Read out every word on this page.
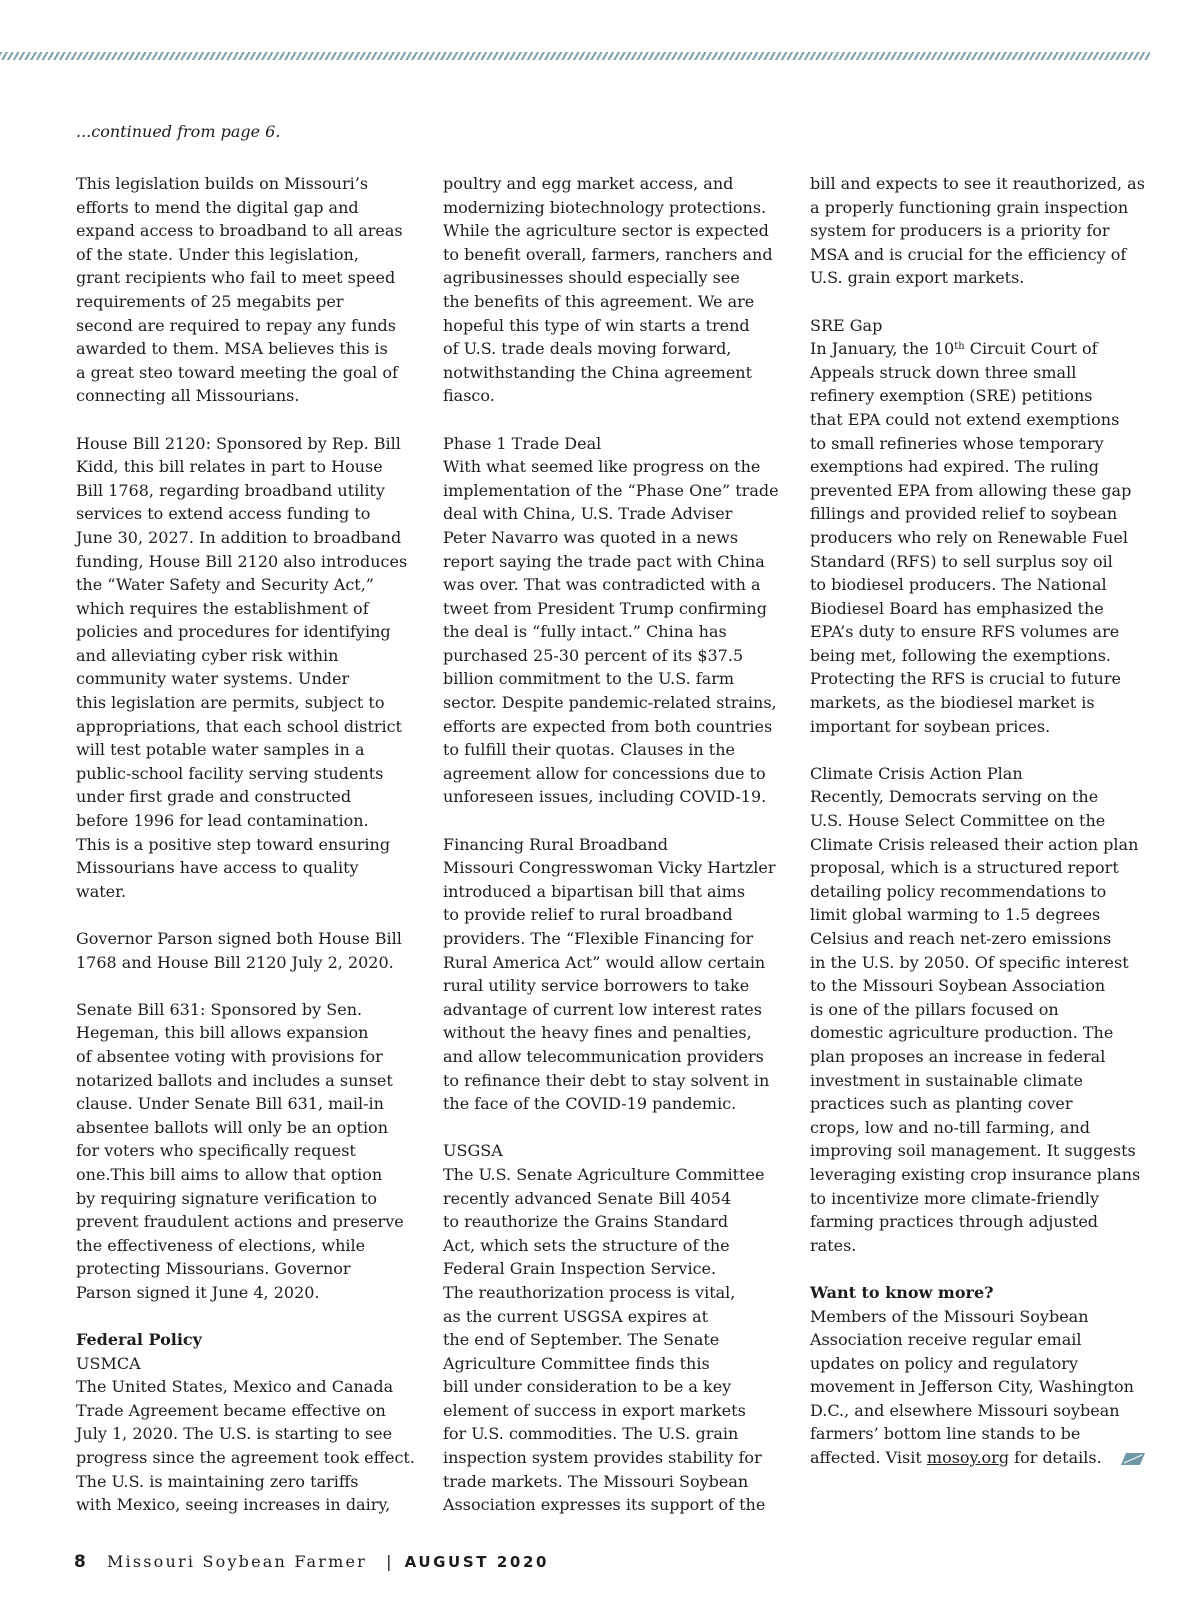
...continued from page 6.

This legislation builds on Missouri’s
efforts to mend the digital gap and
expand access to broadband to all areas
of the state. Under this legislation,
grant recipients who fail to meet speed
requirements of 25 megabits per
second are required to repay any funds
awarded to them. MSA believes this is
a great steo toward meeting the goal of
connecting all Missourians.

House Bill 2120: Sponsored by Rep. Bill
Kidd, this bill relates in part to House
Bill 1768, regarding broadband utility
services to extend access funding to
June 30, 2027. In addition to broadband
funding, House Bill 2120 also introduces
the “Water Safety and Security Act,”
which requires the establishment of
policies and procedures for identifying
and alleviating cyber risk within
community water systems. Under
this legislation are permits, subject to
appropriations, that each school district
will test potable water samples in a
public-school facility serving students
under first grade and constructed
before 1996 for lead contamination.
This is a positive step toward ensuring
Missourians have access to quality
water.

Governor Parson signed both House Bill
1768 and House Bill 2120 July 2, 2020.

Senate Bill 631: Sponsored by Sen.
Hegeman, this bill allows expansion
of absentee voting with provisions for
notarized ballots and includes a sunset
clause. Under Senate Bill 631, mail-in
absentee ballots will only be an option
for voters who specifically request
one.This bill aims to allow that option
by requiring signature verification to
prevent fraudulent actions and preserve
the effectiveness of elections, while
protecting Missourians. Governor
Parson signed it June 4, 2020.

Federal Policy
USMCA
The United States, Mexico and Canada
Trade Agreement became effective on
July 1, 2020. The U.S. is starting to see
progress since the agreement took effect.
The U.S. is maintaining zero tariffs
with Mexico, seeing increases in dairy,

poultry and egg market access, and
modernizing biotechnology protections.
While the agriculture sector is expected
to benefit overall, farmers, ranchers and
agribusinesses should especially see
the benefits of this agreement. We are
hopeful this type of win starts a trend
of U.S. trade deals moving forward,
notwithstanding the China agreement
fiasco.

Phase 1 Trade Deal
With what seemed like progress on the
implementation of the “Phase One” trade
deal with China, U.S. Trade Adviser
Peter Navarro was quoted in a news
report saying the trade pact with China
was over. That was contradicted with a
tweet from President Trump confirming
the deal is “fully intact.” China has
purchased 25-30 percent of its $37.5
billion commitment to the U.S. farm
sector. Despite pandemic-related strains,
efforts are expected from both countries
to fulfill their quotas. Clauses in the
agreement allow for concessions due to
unforeseen issues, including COVID-19.

Financing Rural Broadband
Missouri Congresswoman Vicky Hartzler
introduced a bipartisan bill that aims
to provide relief to rural broadband
providers. The “Flexible Financing for
Rural America Act” would allow certain
rural utility service borrowers to take
advantage of current low interest rates
without the heavy fines and penalties,
and allow telecommunication providers
to refinance their debt to stay solvent in
the face of the COVID-19 pandemic.

USGSA
The U.S. Senate Agriculture Committee
recently advanced Senate Bill 4054
to reauthorize the Grains Standard
Act, which sets the structure of the
Federal Grain Inspection Service.
The reauthorization process is vital,
as the current USGSA expires at
the end of September. The Senate
Agriculture Committee finds this
bill under consideration to be a key
element of success in export markets
for U.S. commodities. The U.S. grain
inspection system provides stability for
trade markets. The Missouri Soybean
Association expresses its support of the

bill and expects to see it reauthorized, as
a properly functioning grain inspection
system for producers is a priority for
MSA and is crucial for the efficiency of
U.S. grain export markets.

SRE Gap
In January, the 10th Circuit Court of
Appeals struck down three small
refinery exemption (SRE) petitions
that EPA could not extend exemptions
to small refineries whose temporary
exemptions had expired. The ruling
prevented EPA from allowing these gap
fillings and provided relief to soybean
producers who rely on Renewable Fuel
Standard (RFS) to sell surplus soy oil
to biodiesel producers. The National
Biodiesel Board has emphasized the
EPA’s duty to ensure RFS volumes are
being met, following the exemptions.
Protecting the RFS is crucial to future
markets, as the biodiesel market is
important for soybean prices.

Climate Crisis Action Plan
Recently, Democrats serving on the
U.S. House Select Committee on the
Climate Crisis released their action plan
proposal, which is a structured report
detailing policy recommendations to
limit global warming to 1.5 degrees
Celsius and reach net-zero emissions
in the U.S. by 2050. Of specific interest
to the Missouri Soybean Association
is one of the pillars focused on
domestic agriculture production. The
plan proposes an increase in federal
investment in sustainable climate
practices such as planting cover
crops, low and no-till farming, and
improving soil management. It suggests
leveraging existing crop insurance plans
to incentivize more climate-friendly
farming practices through adjusted
rates.

Want to know more?
Members of the Missouri Soybean
Association receive regular email
updates on policy and regulatory
movement in Jefferson City, Washington
D.C., and elsewhere Missouri soybean
farmers’ bottom line stands to be
affected. Visit mosoy.org for details.

8 Missouri Soybean Farmer | AUGUST 2020
